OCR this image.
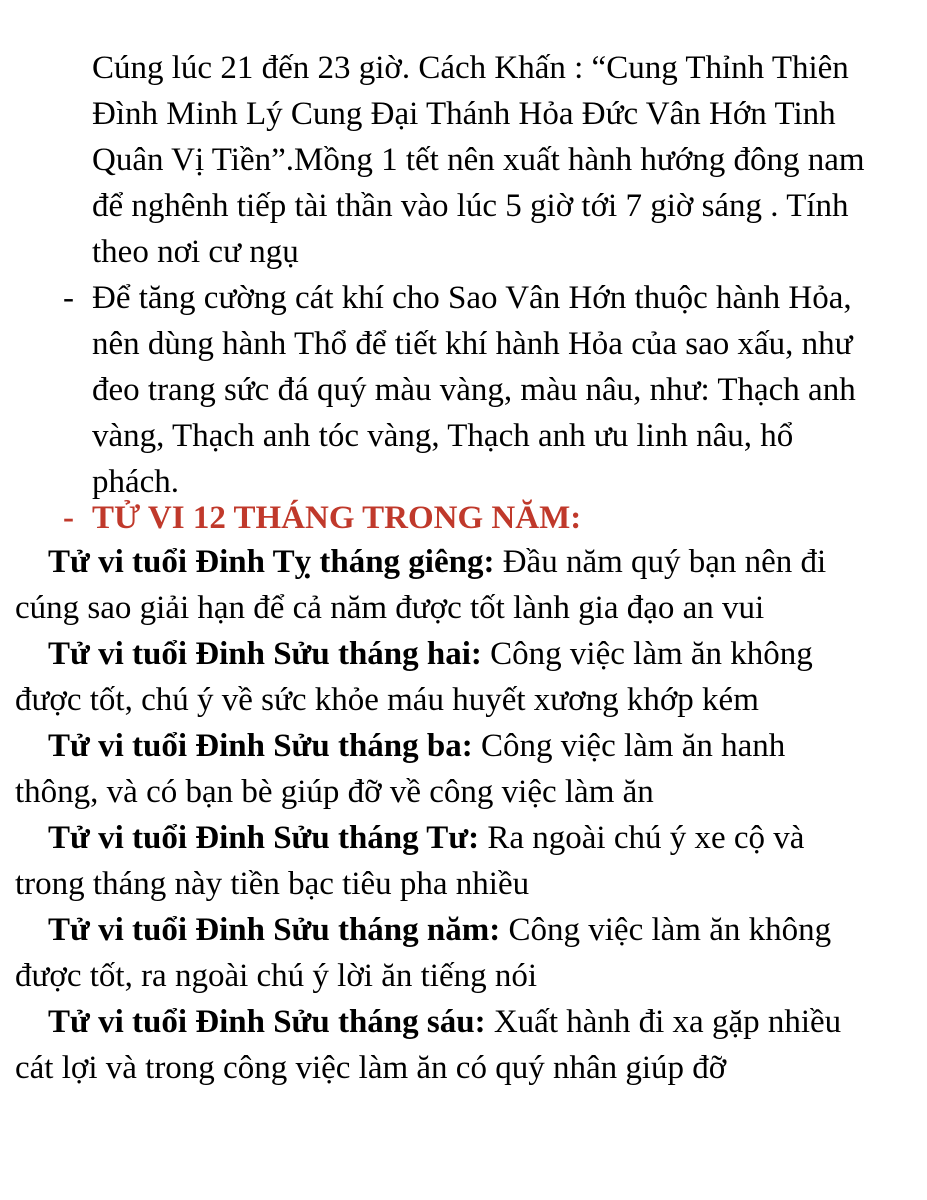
Cúng lúc 21 đến 23 giờ. Cách Khấn : “Cung Thỉnh Thiên

Đình Minh Lý Cung Đại Thánh Hỏa Đức Vân Hớn Tinh

Quân Vị Tiền”.Mồng 1 tết nên xuất hành hướng đông nam

để nghênh tiếp tài thần vào lúc 5 giờ tới 7 giờ sáng . Tính

theo nơi cư ngụ

- Để tăng cường cát khí cho Sao Vân Hớn thuộc hành Hỏa,

nên dùng hành Thổ để tiết khí hành Hỏa của sao xấu, như

đeo trang sức đá quý màu vàng, màu nâu, như: Thạch anh

vàng, Thạch anh tóc vàng, Thạch anh ưu linh nâu, hổ

phách.

- TỬ VI 12 THÁNG TRONG NĂM:

Tử vi tuổi Đinh Tỵ tháng giêng: Đầu năm quý bạn nên đi

cúng sao giải hạn để cả năm được tốt lành gia đạo an vui

Tử vi tuổi Đinh Sửu tháng hai: Công việc làm ăn không

được tốt, chú ý về sức khỏe máu huyết xương khớp kém

Tử vi tuổi Đinh Sửu tháng ba: Công việc làm ăn hanh

thông, và có bạn bè giúp đỡ về công việc làm ăn

Tử vi tuổi Đinh Sửu tháng Tư: Ra ngoài chú ý xe cộ và

trong tháng này tiền bạc tiêu pha nhiều

Tử vi tuổi Đinh Sửu tháng năm: Công việc làm ăn không

được tốt, ra ngoài chú ý lời ăn tiếng nói

Tử vi tuổi Đinh Sửu tháng sáu: Xuất hành đi xa gặp nhiều

cát lợi và trong công việc làm ăn có quý nhân giúp đỡ
